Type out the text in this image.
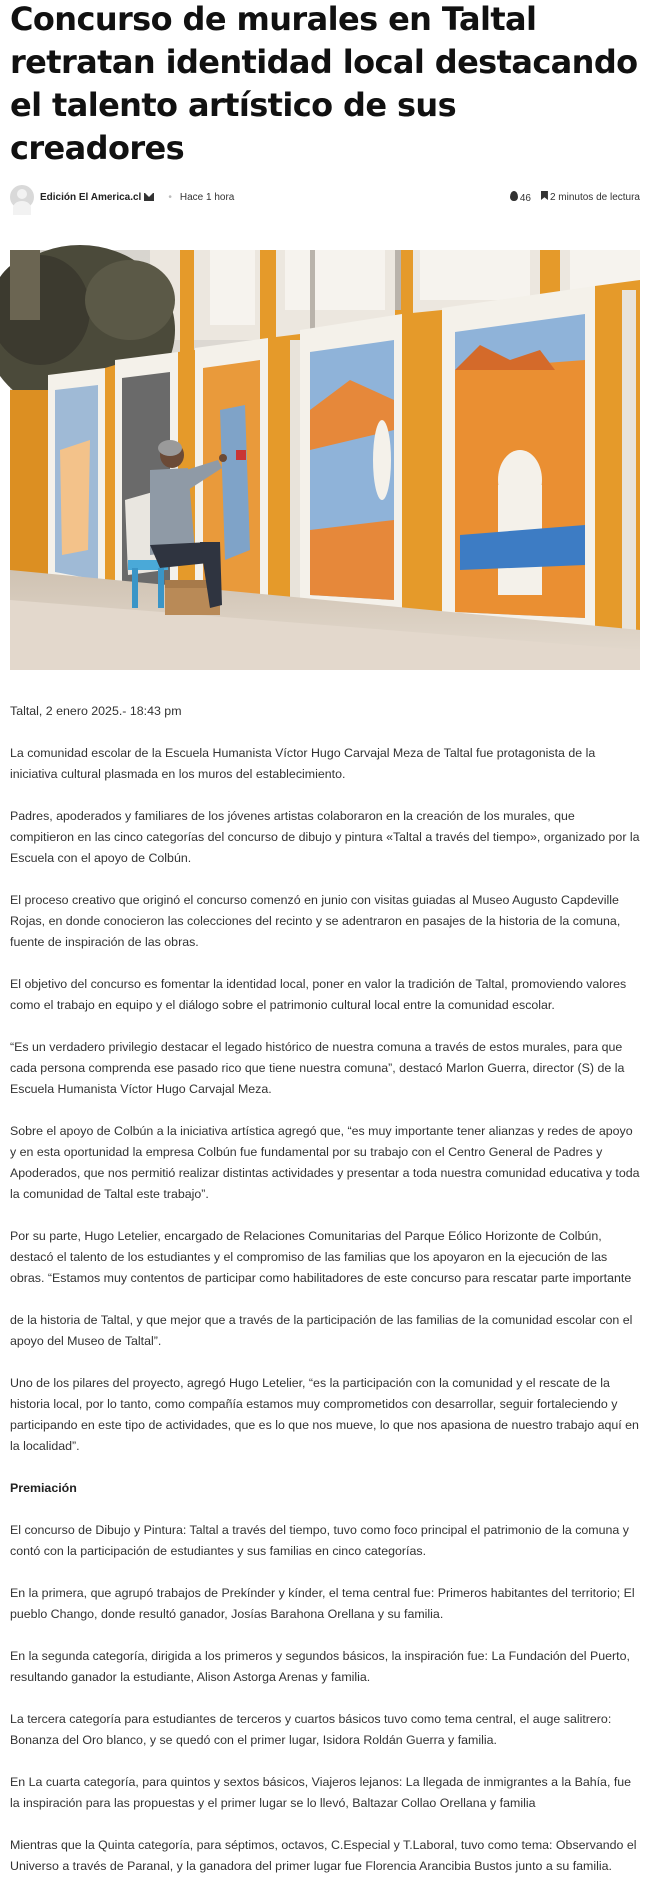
Concurso de murales en Taltal retratan identidad local destacando el talento artístico de sus creadores
Edición El America.cl	• Hace 1 hora	46	2 minutos de lectura

Taltal, 2 enero 2025.- 18:43 pm

La comunidad escolar de la Escuela Humanista Víctor Hugo Carvajal Meza de Taltal fue protagonista de la iniciativa cultural plasmada en los muros del establecimiento.

Padres, apoderados y familiares de los jóvenes artistas colaboraron en la creación de los murales, que compitieron en las cinco categorías del concurso de dibujo y pintura «Taltal a través del tiempo», organizado por la Escuela con el apoyo de Colbún.

El proceso creativo que originó el concurso comenzó en junio con visitas guiadas al Museo Augusto Capdeville Rojas, en donde conocieron las colecciones del recinto y se adentraron en pasajes de la historia de la comuna, fuente de inspiración de las obras.

El objetivo del concurso es fomentar la identidad local, poner en valor la tradición de Taltal, promoviendo valores como el trabajo en equipo y el diálogo sobre el patrimonio cultural local entre la comunidad escolar.

“Es un verdadero privilegio destacar el legado histórico de nuestra comuna a través de estos murales, para que cada persona comprenda ese pasado rico que tiene nuestra comuna”, destacó Marlon Guerra, director (S) de la Escuela Humanista Víctor Hugo Carvajal Meza.

Sobre el apoyo de Colbún a la iniciativa artística agregó que, “es muy importante tener alianzas y redes de apoyo y en esta oportunidad la empresa Colbún fue fundamental por su trabajo con el Centro General de Padres y Apoderados, que nos permitió realizar distintas actividades y presentar a toda nuestra comunidad educativa y toda la comunidad de Taltal este trabajo”.

Por su parte, Hugo Letelier, encargado de Relaciones Comunitarias del Parque Eólico Horizonte de Colbún, destacó el talento de los estudiantes y el compromiso de las familias que los apoyaron en la ejecución de las obras. “Estamos muy contentos de participar como habilitadores de este concurso para rescatar parte importante

de la historia de Taltal, y que mejor que a través de la participación de las familias de la comunidad escolar con el apoyo del Museo de Taltal”.

Uno de los pilares del proyecto, agregó Hugo Letelier, “es la participación con la comunidad y el rescate de la historia local, por lo tanto, como compañía estamos muy comprometidos con desarrollar, seguir fortaleciendo y participando en este tipo de actividades, que es lo que nos mueve, lo que nos apasiona de nuestro trabajo aquí en la localidad”.

Premiación

El concurso de Dibujo y Pintura: Taltal a través del tiempo, tuvo como foco principal el patrimonio de la comuna y contó con la participación de estudiantes y sus familias en cinco categorías.

En la primera, que agrupó trabajos de Prekínder y kínder, el tema central fue: Primeros habitantes del territorio; El pueblo Chango, donde resultó ganador, Josías Barahona Orellana y su familia.

En la segunda categoría, dirigida a los primeros y segundos básicos, la inspiración fue: La Fundación del Puerto, resultando ganador la estudiante, Alison Astorga Arenas y familia.

La tercera categoría para estudiantes de terceros y cuartos básicos tuvo como tema central, el auge salitrero: Bonanza del Oro blanco, y se quedó con el primer lugar, Isidora Roldán Guerra y familia.

En La cuarta categoría, para quintos y sextos básicos, Viajeros lejanos: La llegada de inmigrantes a la Bahía, fue la inspiración para las propuestas y el primer lugar se lo llevó, Baltazar Collao Orellana y familia

Mientras que la Quinta categoría, para séptimos, octavos, C.Especial y T.Laboral, tuvo como tema: Observando el Universo a través de Paranal, y la ganadora del primer lugar fue Florencia Arancibia Bustos junto a su familia.
